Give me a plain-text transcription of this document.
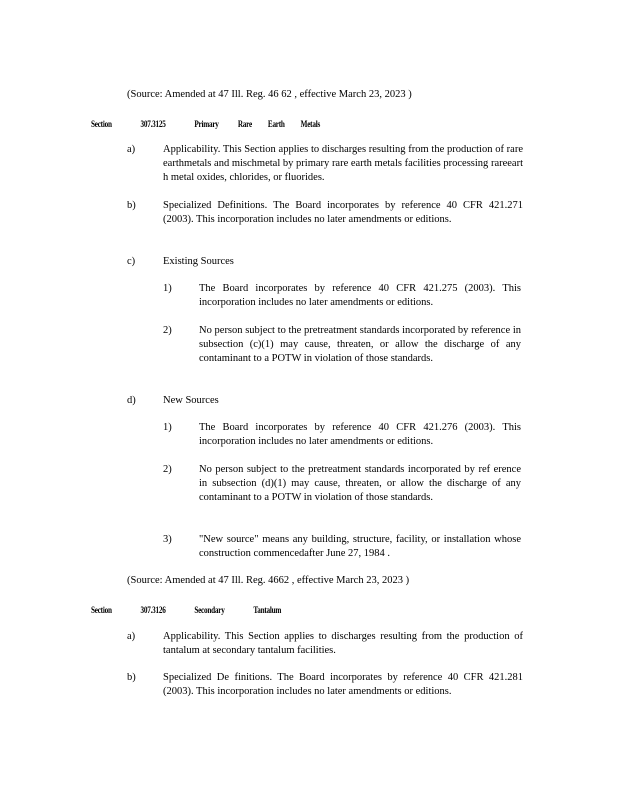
(Source: Amended at 47 Ill. Reg. 46 62 , effective March 23, 2023 )

Section	307.3125	Primary Rare Earth Metals

a)	Applicability. This Section applies to discharges resulting from the production of rare earthmetals and mischmetal by primary rare earth metals facilities processing rareeart h metal oxides, chlorides, or fluorides.

b)	Specialized Definitions. The Board incorporates by reference 40 CFR 421.271 (2003). This incorporation includes no later amendments or editions.

c)	Existing Sources

1)	The Board incorporates by reference 40 CFR 421.275 (2003). This incorporation includes no later amendments or editions.

2)	No person subject to the pretreatment standards incorporated by reference in subsection (c)(1) may cause, threaten, or allow the discharge of any contaminant to a POTW in violation of those standards.

d)	New Sources

1)	The Board incorporates by reference 40 CFR 421.276 (2003). This incorporation includes no later amendments or editions.

2)	No person subject to the pretreatment standards incorporated by ref erence in subsection (d)(1) may cause, threaten, or allow the discharge of any contaminant to a POTW in violation of those standards.

3)	"New source" means any building, structure, facility, or installation whose construction commencedafter June 27, 1984 .

(Source: Amended at 47 Ill. Reg. 4662 , effective March 23, 2023 )

Section	307.3126	Secondary	Tantalum

a)	Applicability. This Section applies to discharges resulting from the production of tantalum at secondary tantalum facilities.

b)	Specialized De finitions. The Board incorporates by reference 40 CFR 421.281 (2003). This incorporation includes no later amendments or editions.
